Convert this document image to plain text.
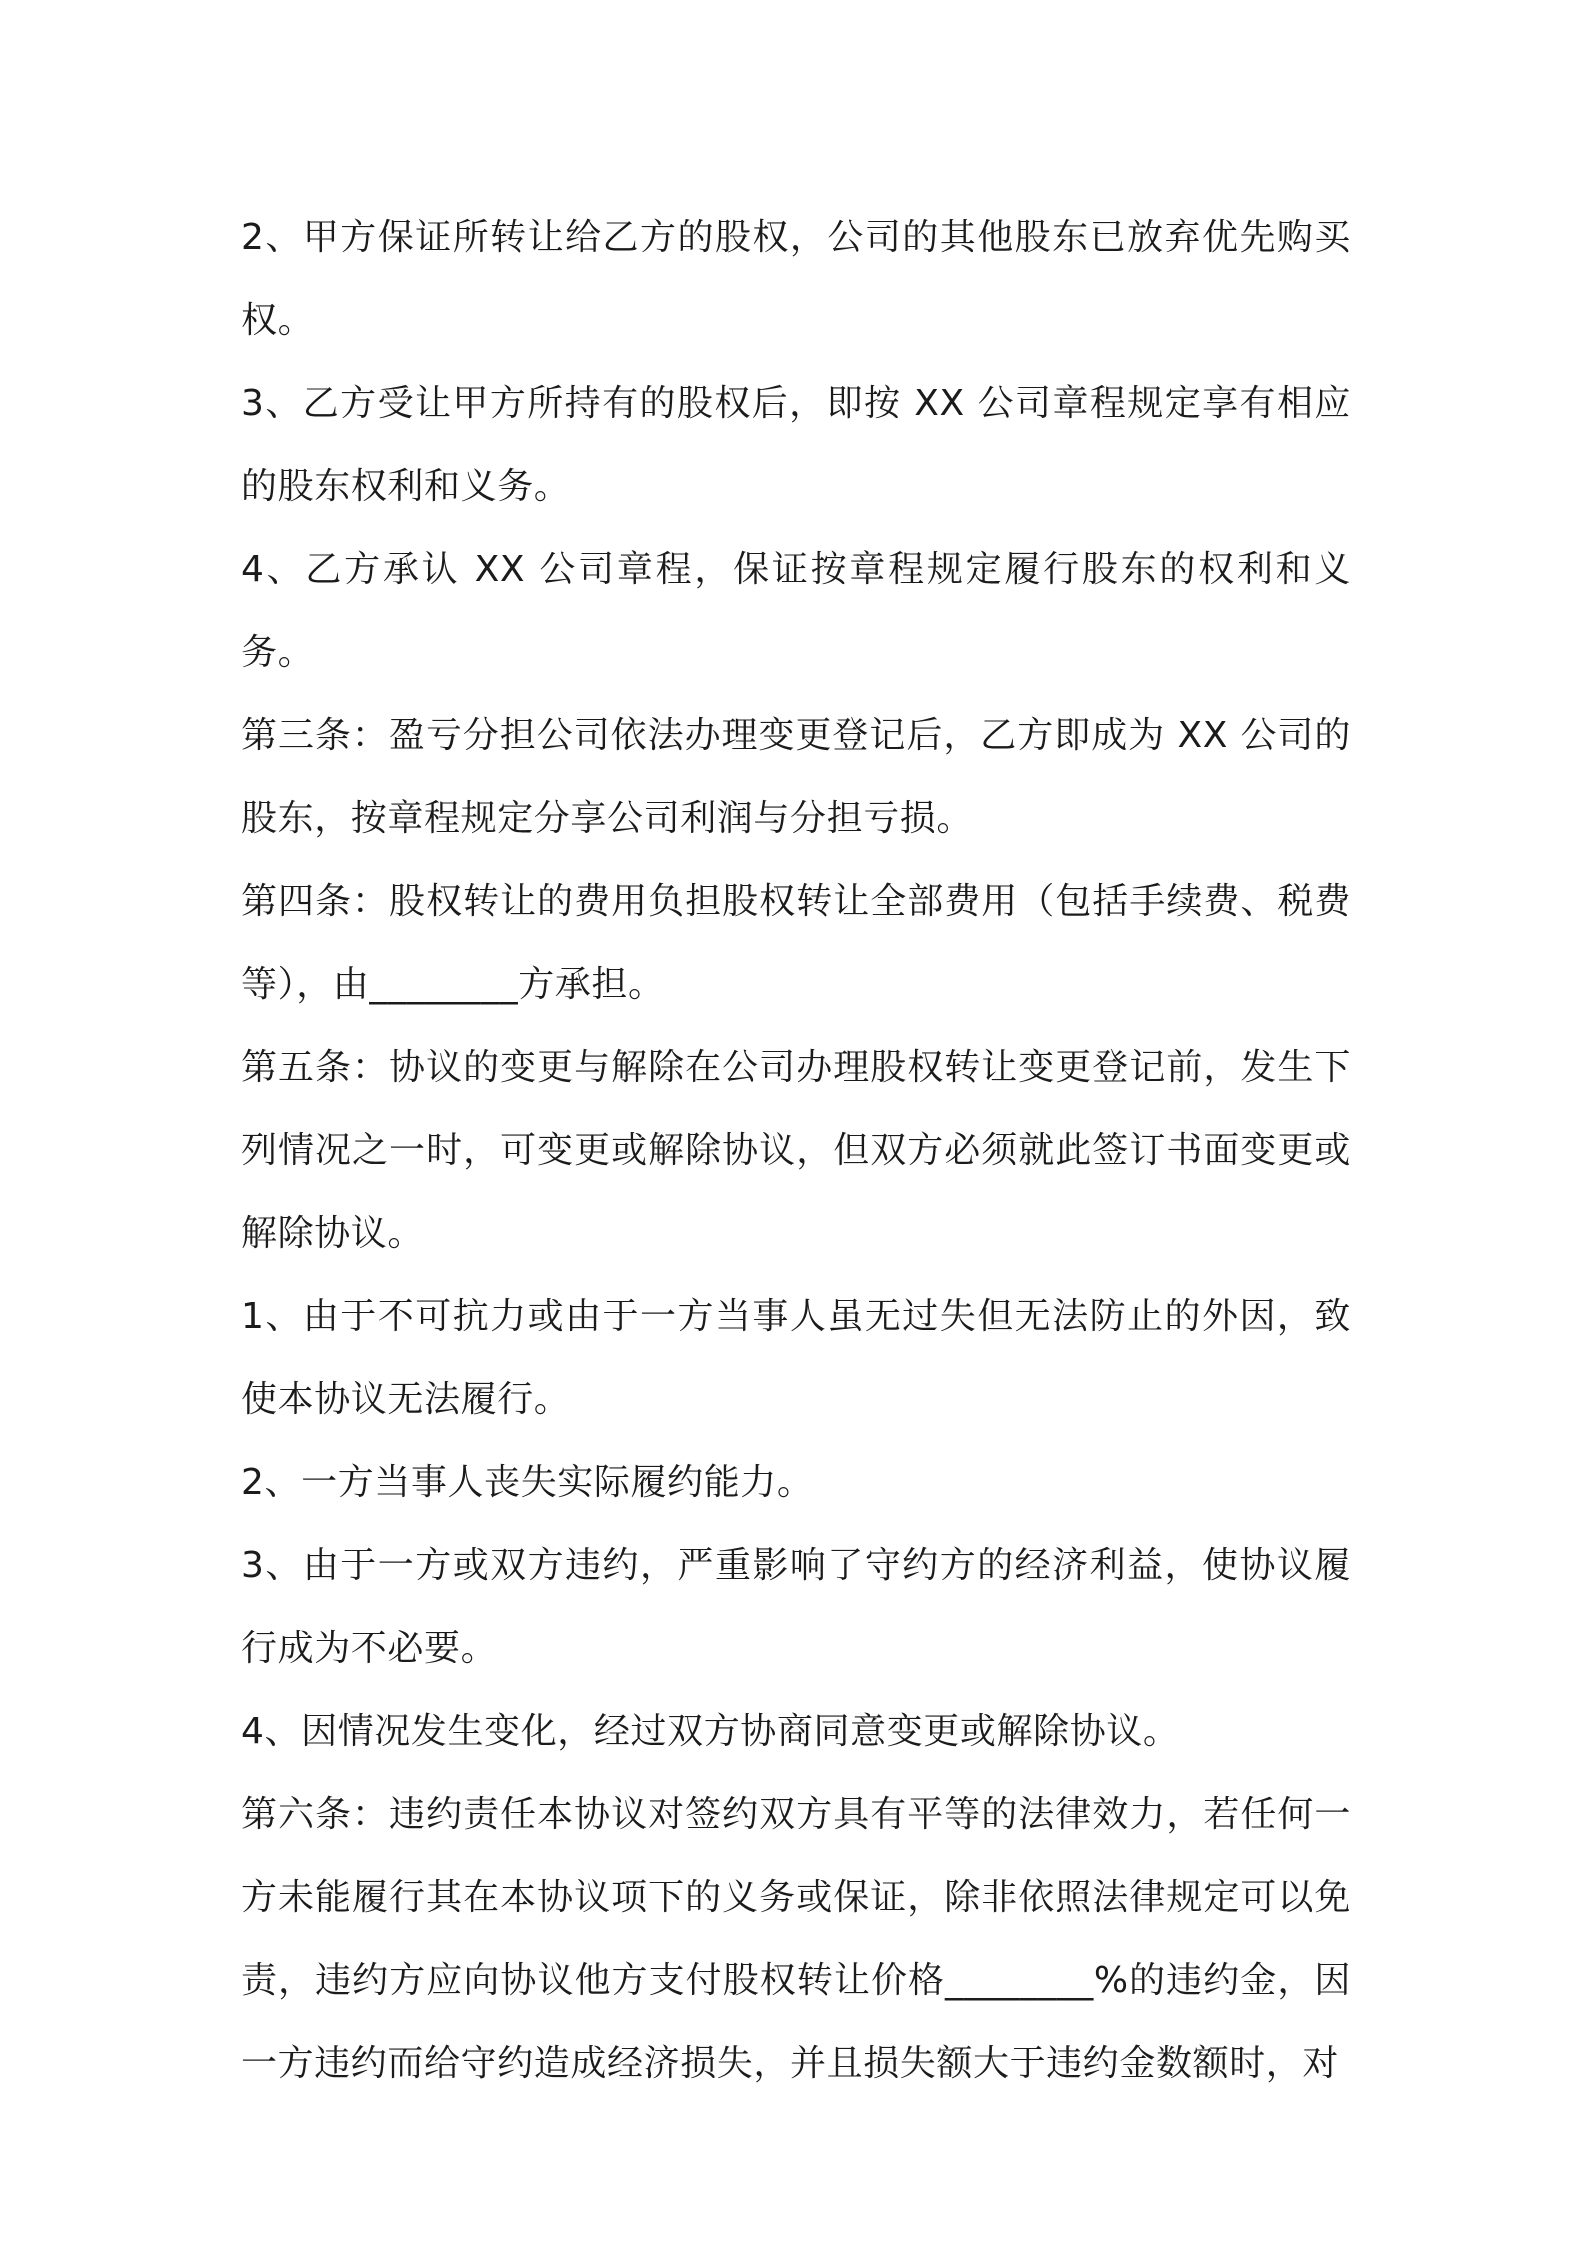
2、甲方保证所转让给乙方的股权，公司的其他股东已放弃优先购买权。

3、乙方受让甲方所持有的股权后，即按 XX 公司章程规定享有相应的股东权利和义务。

4、乙方承认 XX 公司章程，保证按章程规定履行股东的权利和义务。

第三条：盈亏分担公司依法办理变更登记后，乙方即成为 XX 公司的股东，按章程规定分享公司利润与分担亏损。

第四条：股权转让的费用负担股权转让全部费用（包括手续费、税费等），由________方承担。

第五条：协议的变更与解除在公司办理股权转让变更登记前，发生下列情况之一时，可变更或解除协议，但双方必须就此签订书面变更或解除协议。

1、由于不可抗力或由于一方当事人虽无过失但无法防止的外因，致使本协议无法履行。

2、一方当事人丧失实际履约能力。

3、由于一方或双方违约，严重影响了守约方的经济利益，使协议履行成为不必要。

4、因情况发生变化，经过双方协商同意变更或解除协议。

第六条：违约责任本协议对签约双方具有平等的法律效力，若任何一方未能履行其在本协议项下的义务或保证，除非依照法律规定可以免责，违约方应向协议他方支付股权转让价格________%的违约金，因一方违约而给守约造成经济损失，并且损失额大于违约金数额时，对
